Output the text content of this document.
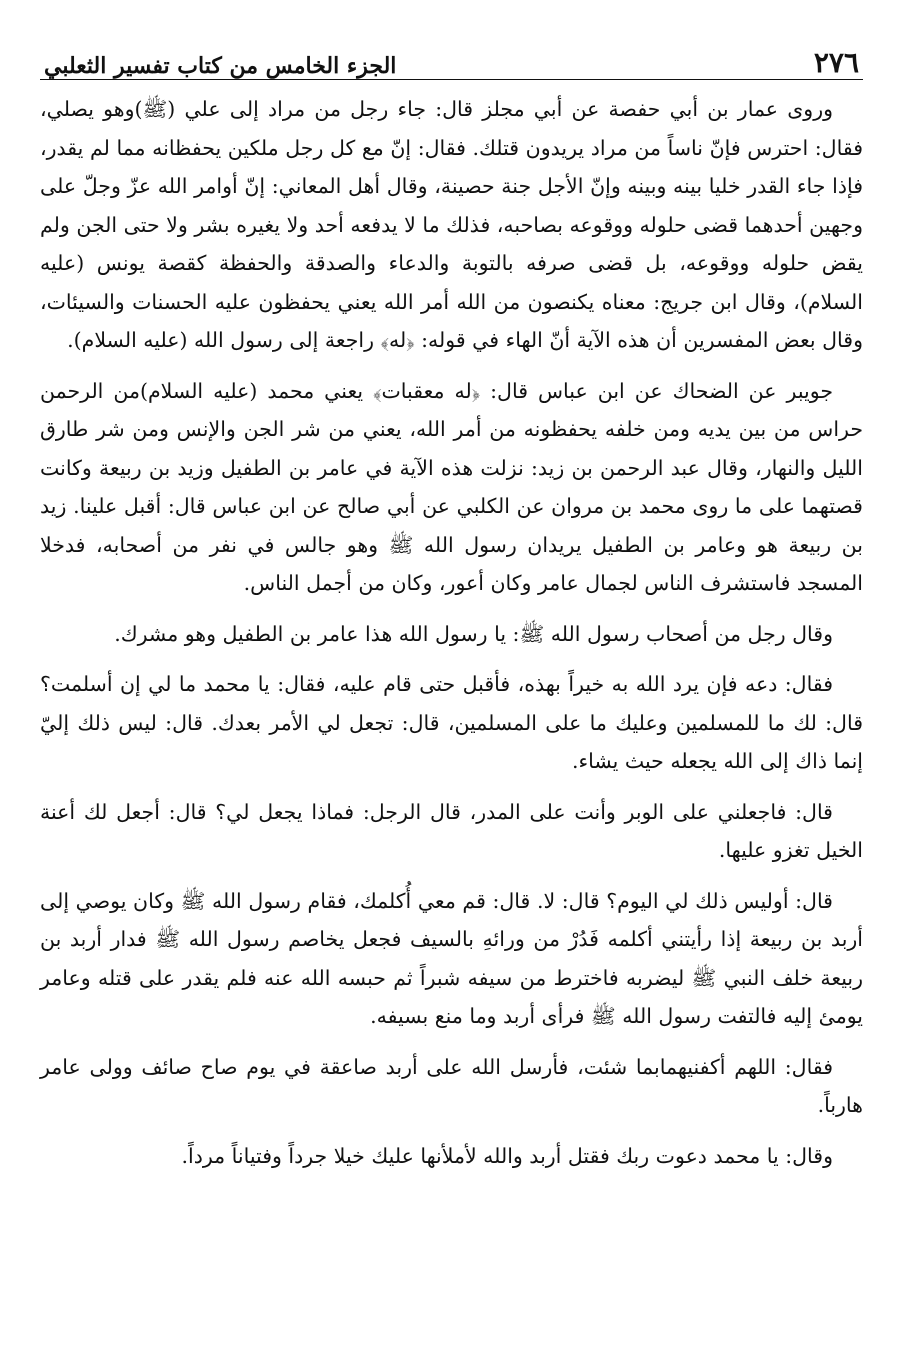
٢٧٦
الجزء الخامس من كتاب تفسير الثعلبي

وروى عمار بن أبي حفصة عن أبي مجلز قال: جاء رجل من مراد إلى علي (ﷺ)وهو يصلي، فقال: احترس فإنّ ناساً من مراد يريدون قتلك. فقال: إنّ مع كل رجل ملكين يحفظانه مما لم يقدر، فإذا جاء القدر خليا بينه وبينه وإنّ الأجل جنة حصينة، وقال أهل المعاني: إنّ أوامر الله عزّ وجلّ على وجهين أحدهما قضى حلوله ووقوعه بصاحبه، فذلك ما لا يدفعه أحد ولا يغيره بشر ولا حتى الجن ولم يقض حلوله ووقوعه، بل قضى صرفه بالتوبة والدعاء والصدقة والحفظة كقصة يونس (عليه السلام)، وقال ابن جريج: معناه يكنصون من الله أمر الله يعني يحفظون عليه الحسنات والسيئات، وقال بعض المفسرين أن هذه الآية أنّ الهاء في قوله: ﴿له﴾ راجعة إلى رسول الله (عليه السلام).

جويبر عن الضحاك عن ابن عباس قال: ﴿له معقبات﴾ يعني محمد (عليه السلام)من الرحمن حراس من بين يديه ومن خلفه يحفظونه من أمر الله، يعني من شر الجن والإنس ومن شر طارق الليل والنهار، وقال عبد الرحمن بن زيد: نزلت هذه الآية في عامر بن الطفيل وزيد بن ربيعة وكانت قصتهما على ما روى محمد بن مروان عن الكلبي عن أبي صالح عن ابن عباس قال: أقبل علينا. زيد بن ربيعة هو وعامر بن الطفيل يريدان رسول الله ﷺ وهو جالس في نفر من أصحابه، فدخلا المسجد فاستشرف الناس لجمال عامر وكان أعور، وكان من أجمل الناس.

وقال رجل من أصحاب رسول الله ﷺ: يا رسول الله هذا عامر بن الطفيل وهو مشرك.

فقال: دعه فإن يرد الله به خيراً بهذه، فأقبل حتى قام عليه، فقال: يا محمد ما لي إن أسلمت؟ قال: لك ما للمسلمين وعليك ما على المسلمين، قال: تجعل لي الأمر بعدك. قال: ليس ذلك إليّ إنما ذاك إلى الله يجعله حيث يشاء.

قال: فاجعلني على الوبر وأنت على المدر، قال الرجل: فماذا يجعل لي؟ قال: أجعل لك أعنة الخيل تغزو عليها.

قال: أوليس ذلك لي اليوم؟ قال: لا. قال: قم معي أُكلمك، فقام رسول الله ﷺ وكان يوصي إلى أربد بن ربيعة إذا رأيتني أكلمه فَدُرْ من ورائهِ بالسيف فجعل يخاصم رسول الله ﷺ فدار أربد بن ربيعة خلف النبي ﷺ ليضربه فاخترط من سيفه شبراً ثم حبسه الله عنه فلم يقدر على قتله وعامر يومئ إليه فالتفت رسول الله ﷺ فرأى أربد وما منع بسيفه.

فقال: اللهم أكفنيهمابما شئت، فأرسل الله على أربد صاعقة في يوم صاح صائف وولى عامر هارباً.

وقال: يا محمد دعوت ربك فقتل أربد والله لأملأنها عليك خيلا جرداً وفتياناً مرداً.
